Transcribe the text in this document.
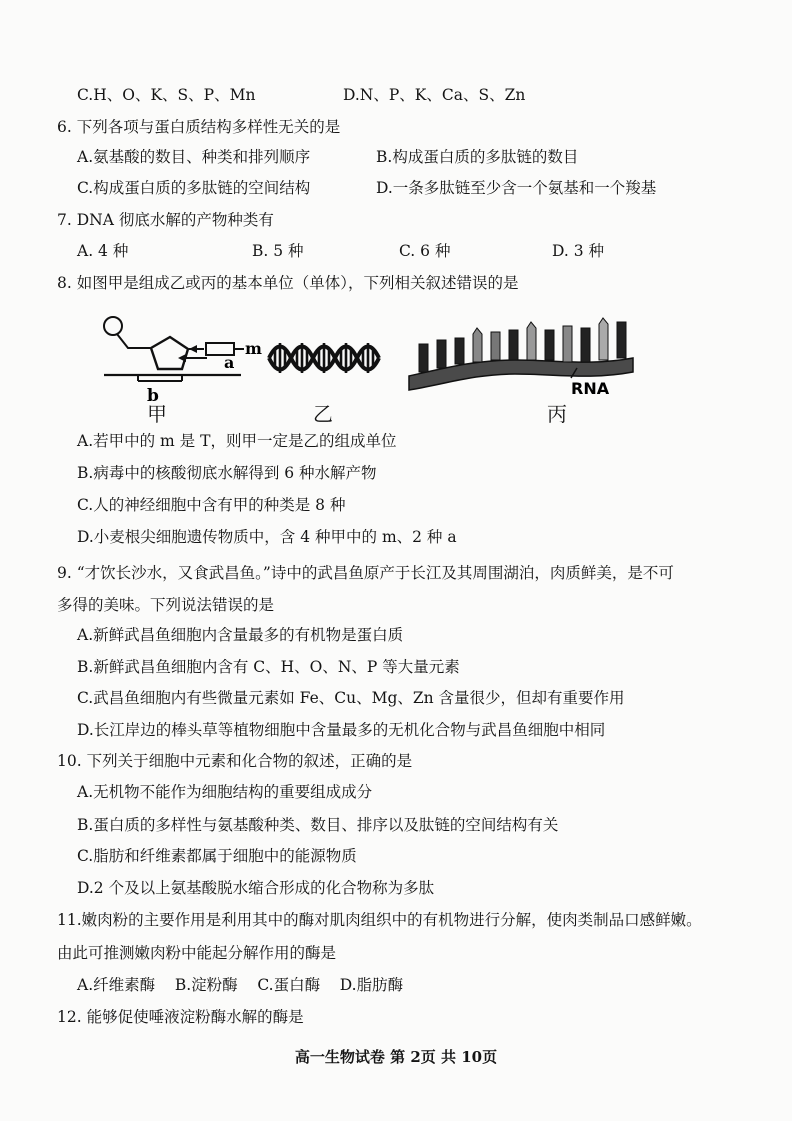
C.H、O、K、S、P、Mn	D.N、P、K、Ca、S、Zn
6. 下列各项与蛋白质结构多样性无关的是
A.氨基酸的数目、种类和排列顺序	B.构成蛋白质的多肽链的数目
C.构成蛋白质的多肽链的空间结构	D.一条多肽链至少含一个氨基和一个羧基
7. DNA 彻底水解的产物种类有
A. 4 种	B. 5 种	C. 6 种	D. 3 种
8. 如图甲是组成乙或丙的基本单位（单体），下列相关叙述错误的是
m
a
b	RNA
甲	乙	丙
A.若甲中的 m 是 T，则甲一定是乙的组成单位
B.病毒中的核酸彻底水解得到 6 种水解产物
C.人的神经细胞中含有甲的种类是 8 种
D.小麦根尖细胞遗传物质中，含 4 种甲中的 m、2 种 a
9. “才饮长沙水，又食武昌鱼。”诗中的武昌鱼原产于长江及其周围湖泊，肉质鲜美，是不可
多得的美味。下列说法错误的是
A.新鲜武昌鱼细胞内含量最多的有机物是蛋白质
B.新鲜武昌鱼细胞内含有 C、H、O、N、P 等大量元素
C.武昌鱼细胞内有些微量元素如 Fe、Cu、Mg、Zn 含量很少，但却有重要作用
D.长江岸边的棒头草等植物细胞中含量最多的无机化合物与武昌鱼细胞中相同
10. 下列关于细胞中元素和化合物的叙述，正确的是
A.无机物不能作为细胞结构的重要组成成分
B.蛋白质的多样性与氨基酸种类、数目、排序以及肽链的空间结构有关
C.脂肪和纤维素都属于细胞中的能源物质
D.2 个及以上氨基酸脱水缩合形成的化合物称为多肽
11.嫩肉粉的主要作用是利用其中的酶对肌肉组织中的有机物进行分解，使肉类制品口感鲜嫩。
由此可推测嫩肉粉中能起分解作用的酶是
A.纤维素酶    B.淀粉酶    C.蛋白酶    D.脂肪酶
12. 能够促使唾液淀粉酶水解的酶是
高一生物试卷 第 2页 共 10页
